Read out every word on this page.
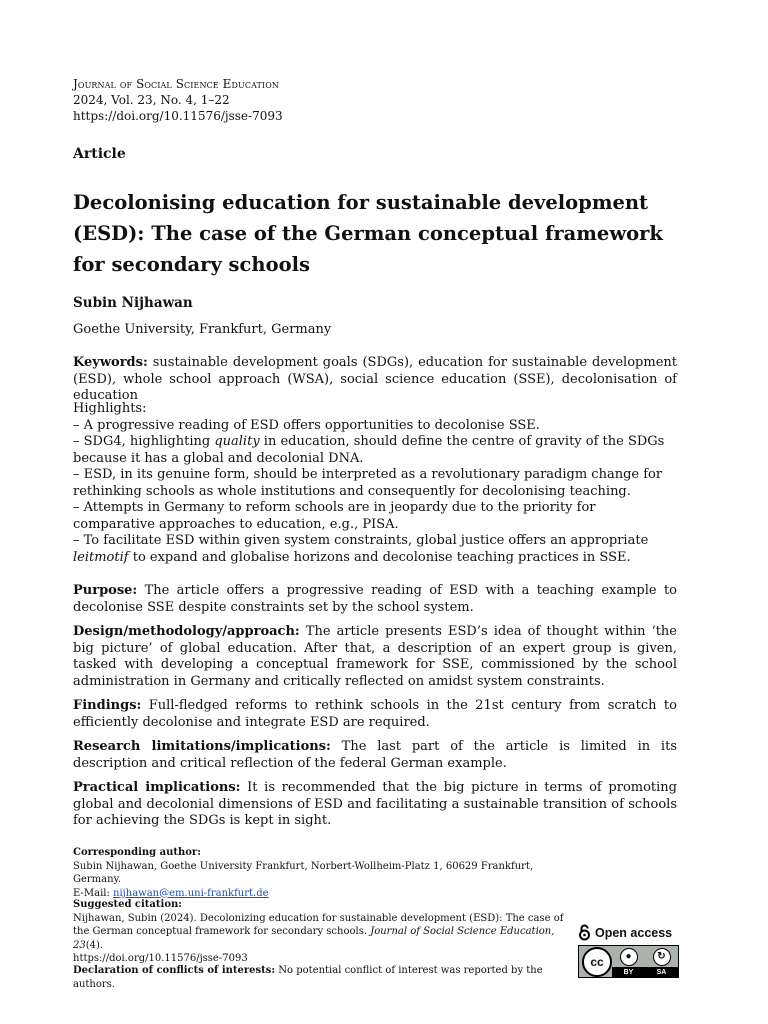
Journal of Social Science Education
2024, Vol. 23, No. 4, 1–22
https://doi.org/10.11576/jsse-7093
Article
Decolonising education for sustainable development (ESD): The case of the German conceptual framework for secondary schools
Subin Nijhawan
Goethe University, Frankfurt, Germany
Keywords: sustainable development goals (SDGs), education for sustainable development (ESD), whole school approach (WSA), social science education (SSE), decolonisation of education

Highlights:

– A progressive reading of ESD offers opportunities to decolonise SSE.

– SDG4, highlighting quality in education, should define the centre of gravity of the SDGs because it has a global and decolonial DNA.

– ESD, in its genuine form, should be interpreted as a revolutionary paradigm change for rethinking schools as whole institutions and consequently for decolonising teaching.

– Attempts in Germany to reform schools are in jeopardy due to the priority for comparative approaches to education, e.g., PISA.

– To facilitate ESD within given system constraints, global justice offers an appropriate leitmotif to expand and globalise horizons and decolonise teaching practices in SSE.

Purpose: The article offers a progressive reading of ESD with a teaching example to decolonise SSE despite constraints set by the school system.

Design/methodology/approach: The article presents ESD’s idea of thought within ‘the big picture’ of global education. After that, a description of an expert group is given, tasked with developing a conceptual framework for SSE, commissioned by the school administration in Germany and critically reflected on amidst system constraints.

Findings: Full-fledged reforms to rethink schools in the 21st century from scratch to efficiently decolonise and integrate ESD are required.

Research limitations/implications: The last part of the article is limited in its description and critical reflection of the federal German example.

Practical implications: It is recommended that the big picture in terms of promoting global and decolonial dimensions of ESD and facilitating a sustainable transition of schools for achieving the SDGs is kept in sight.

Corresponding author:
Subin Nijhawan, Goethe University Frankfurt, Norbert-Wollheim-Platz 1, 60629 Frankfurt, Germany.
E-Mail: nijhawan@em.uni-frankfurt.de
Suggested citation:
Nijhawan, Subin (2024). Decolonizing education for sustainable development (ESD): The case of the German conceptual framework for secondary schools. Journal of Social Science Education, 23(4).
https://doi.org/10.11576/jsse-7093
Declaration of conflicts of interests: No potential conflict of interest was reported by the authors.
Open access
cc	●	↻
BY	SA
